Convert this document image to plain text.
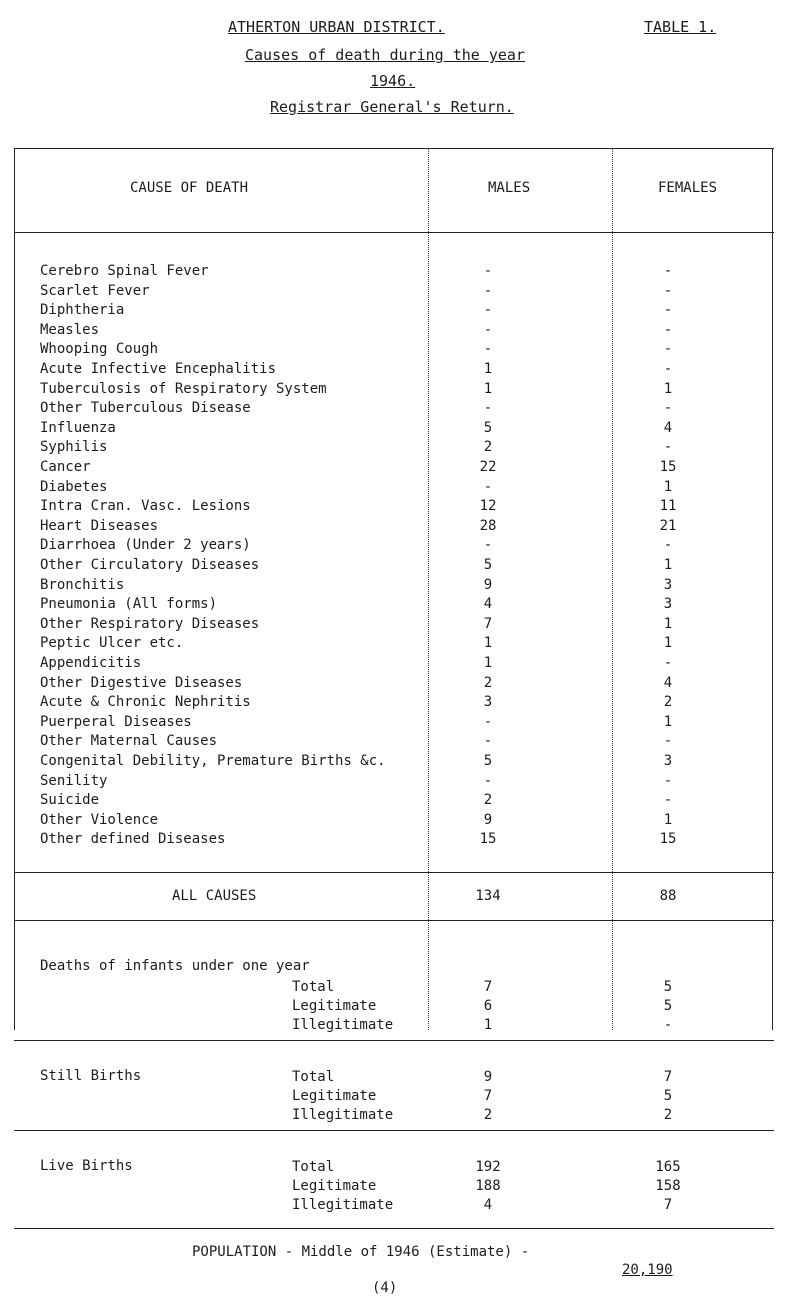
ATHERTON URBAN DISTRICT.	TABLE 1.
Causes of death during the year
1946.
Registrar General's Return.
CAUSE OF DEATH	MALES	FEMALES
Cerebro Spinal Fever	-	-
Scarlet Fever	-	-
Diphtheria	-	-
Measles	-	-
Whooping Cough	-	-
Acute Infective Encephalitis	1	-
Tuberculosis of Respiratory System	1	1
Other Tuberculous Disease	-	-
Influenza	5	4
Syphilis	2	-
Cancer	22	15
Diabetes	-	1
Intra Cran. Vasc. Lesions	12	11
Heart Diseases	28	21
Diarrhoea (Under 2 years)	-	-
Other Circulatory Diseases	5	1
Bronchitis	9	3
Pneumonia (All forms)	4	3
Other Respiratory Diseases	7	1
Peptic Ulcer etc.	1	1
Appendicitis	1	-
Other Digestive Diseases	2	4
Acute & Chronic Nephritis	3	2
Puerperal Diseases	-	1
Other Maternal Causes	-	-
Congenital Debility, Premature Births &c.	5	3
Senility	-	-
Suicide	2	-
Other Violence	9	1
Other defined Diseases	15	15
ALL CAUSES	134	88
Deaths of infants under one year
Total	7	5
Legitimate	6	5
Illegitimate	1	-
Still Births	Total	9	7
Legitimate	7	5
Illegitimate	2	2
Live Births	Total	192	165
Legitimate	188	158
Illegitimate	4	7
POPULATION - Middle of 1946 (Estimate) -
20,190
(4)
